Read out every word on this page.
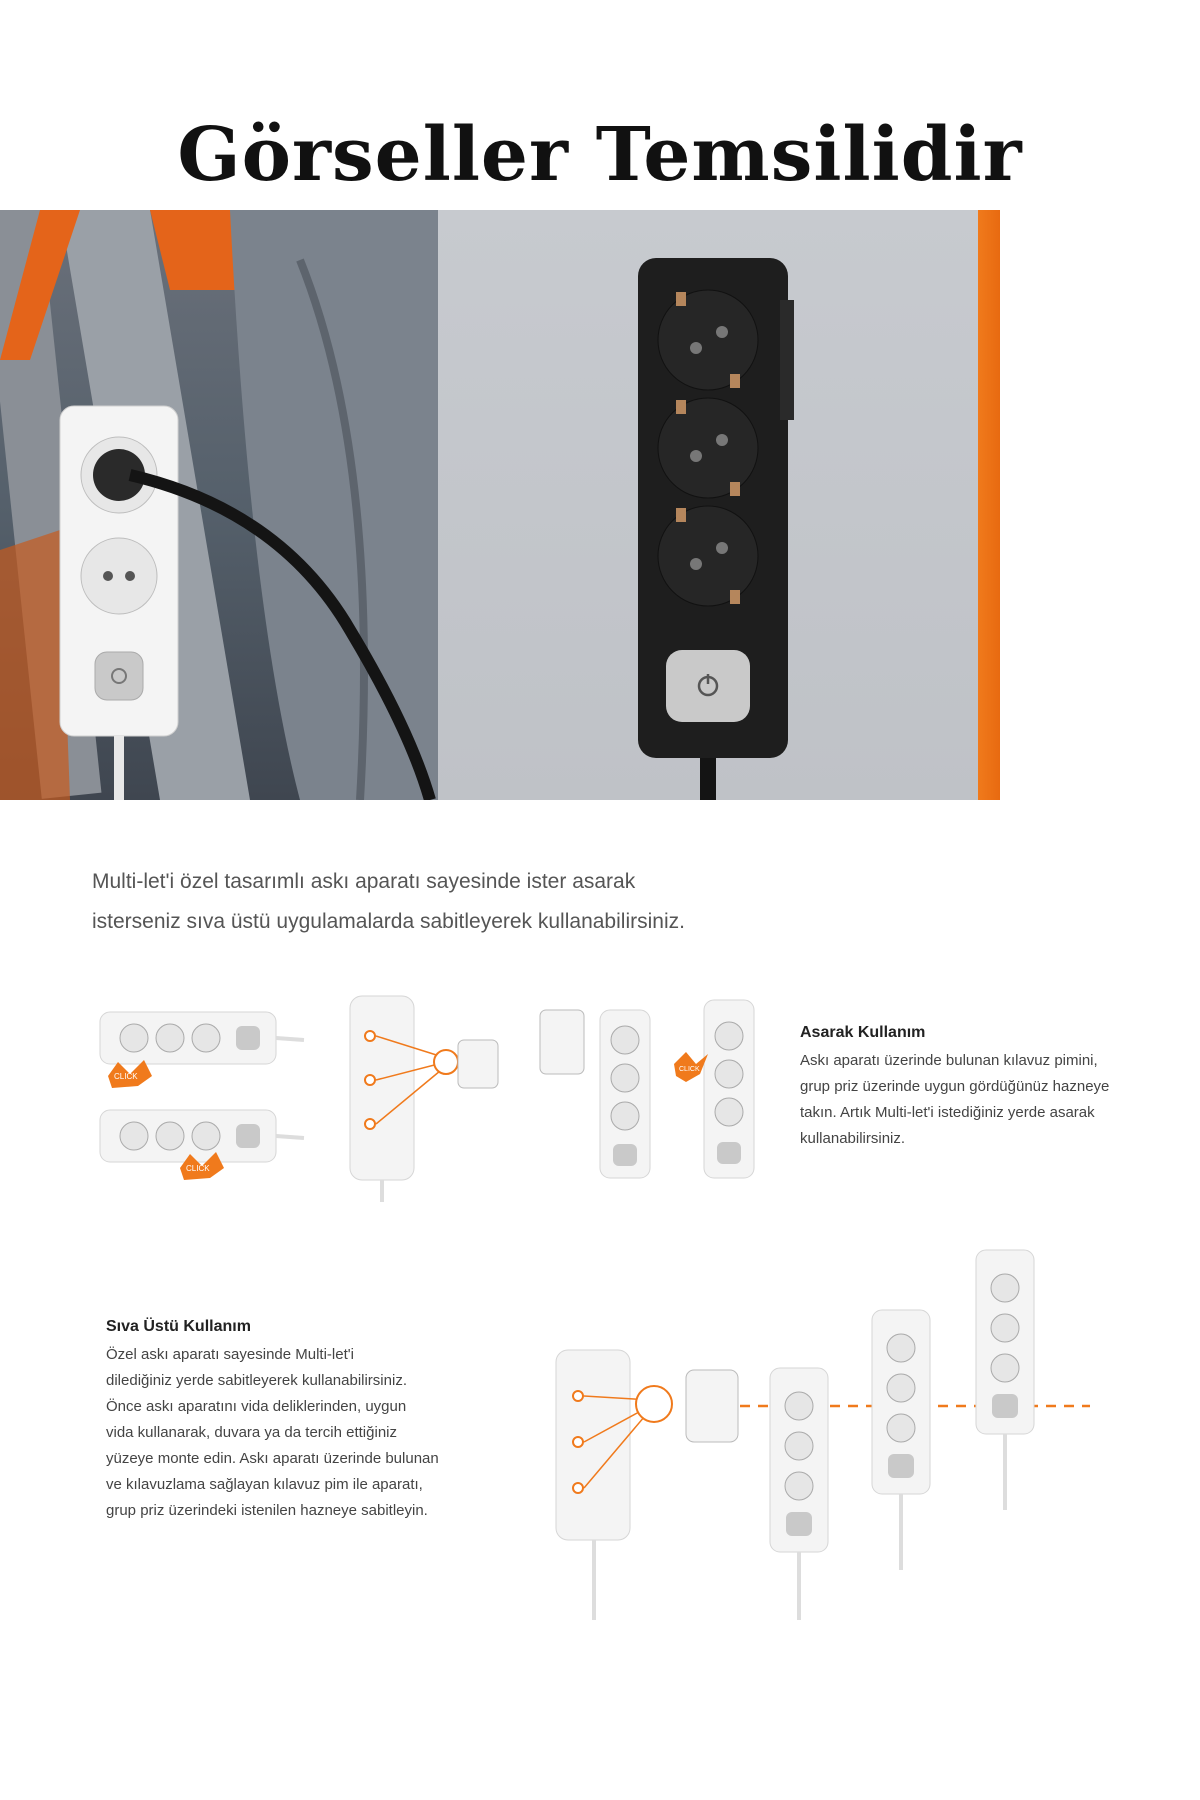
Görseller Temsilidir

Multi-let'i özel tasarımlı askı aparatı sayesinde ister asarak

isterseniz sıva üstü uygulamalarda sabitleyerek kullanabilirsiniz.

CLICK
CLICK
CLICK

Asarak Kullanım

Askı aparatı üzerinde bulunan kılavuz pimini,

grup priz üzerinde uygun gördüğünüz hazneye

takın. Artık Multi-let'i istediğiniz yerde asarak

kullanabilirsiniz.

Sıva Üstü Kullanım

Özel askı aparatı sayesinde Multi-let'i

dilediğiniz yerde sabitleyerek kullanabilirsiniz.

Önce askı aparatını vida deliklerinden, uygun

vida kullanarak, duvara ya da tercih ettiğiniz

yüzeye monte edin. Askı aparatı üzerinde bulunan

ve kılavuzlama sağlayan kılavuz pim ile aparatı,

grup priz üzerindeki istenilen hazneye sabitleyin.
